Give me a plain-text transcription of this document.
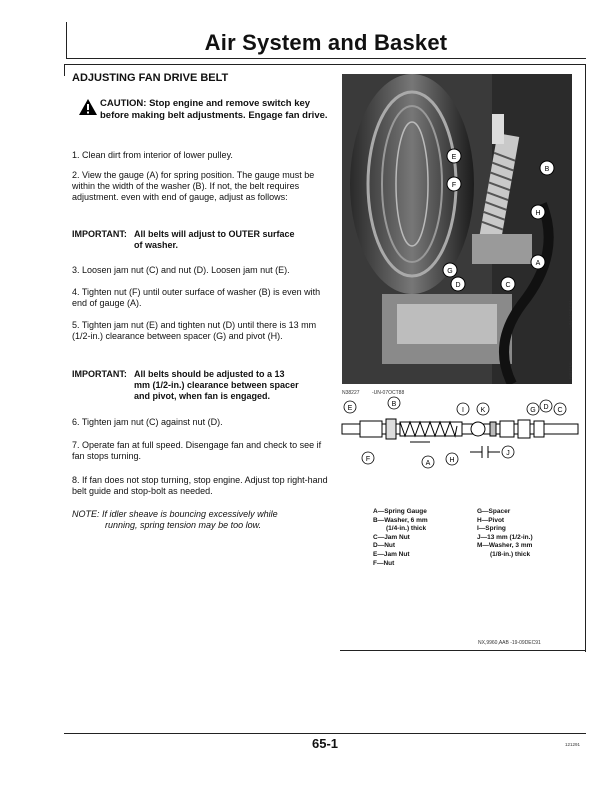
Air System and Basket
ADJUSTING FAN DRIVE BELT
CAUTION: Stop engine and remove switch key before making belt adjustments. Engage fan drive.
1. Clean dirt from interior of lower pulley.
2. View the gauge (A) for spring position. The gauge must be within the width of the washer (B). If not, the belt requires adjustment. even with end of gauge, adjust as follows:
IMPORTANT: All belts will adjust to OUTER surface
of washer.
3. Loosen jam nut (C) and nut (D). Loosen jam nut (E).
4. Tighten nut (F) until outer surface of washer (B) is even with end of gauge (A).
5. Tighten jam nut (E) and tighten nut (D) until there is 13 mm (1/2-in.) clearance between spacer (G) and pivot (H).
IMPORTANT: All belts should be adjusted to a 13
mm (1/2-in.) clearance between spacer
and pivot, when fan is engaged.
6. Tighten jam nut (C) against nut (D).
7. Operate fan at full speed. Disengage fan and check to see if fan stops turning.
8. If fan does not stop turning, stop engine. Adjust top right-hand belt guide and stop-bolt as needed.
NOTE: If idler sheave is bouncing excessively while
running, spring tension may be too low.
E
F
B
H
A
C
G
D
-UN-04DEC91
N8121AL
N38227 -UN-07OCT88
E
B
I K	G D C
F
A	H
J
A—Spring Gauge
B—Washer, 6 mm
(1/4-in.) thick
C—Jam Nut
D—Nut
E—Jam Nut
F—Nut
G—Spacer
H—Pivot
I—Spring
J—13 mm (1/2-in.)
M—Washer, 3 mm
(1/8-in.) thick
NX,9960,AAB -19-09DEC91
65-1	121291
